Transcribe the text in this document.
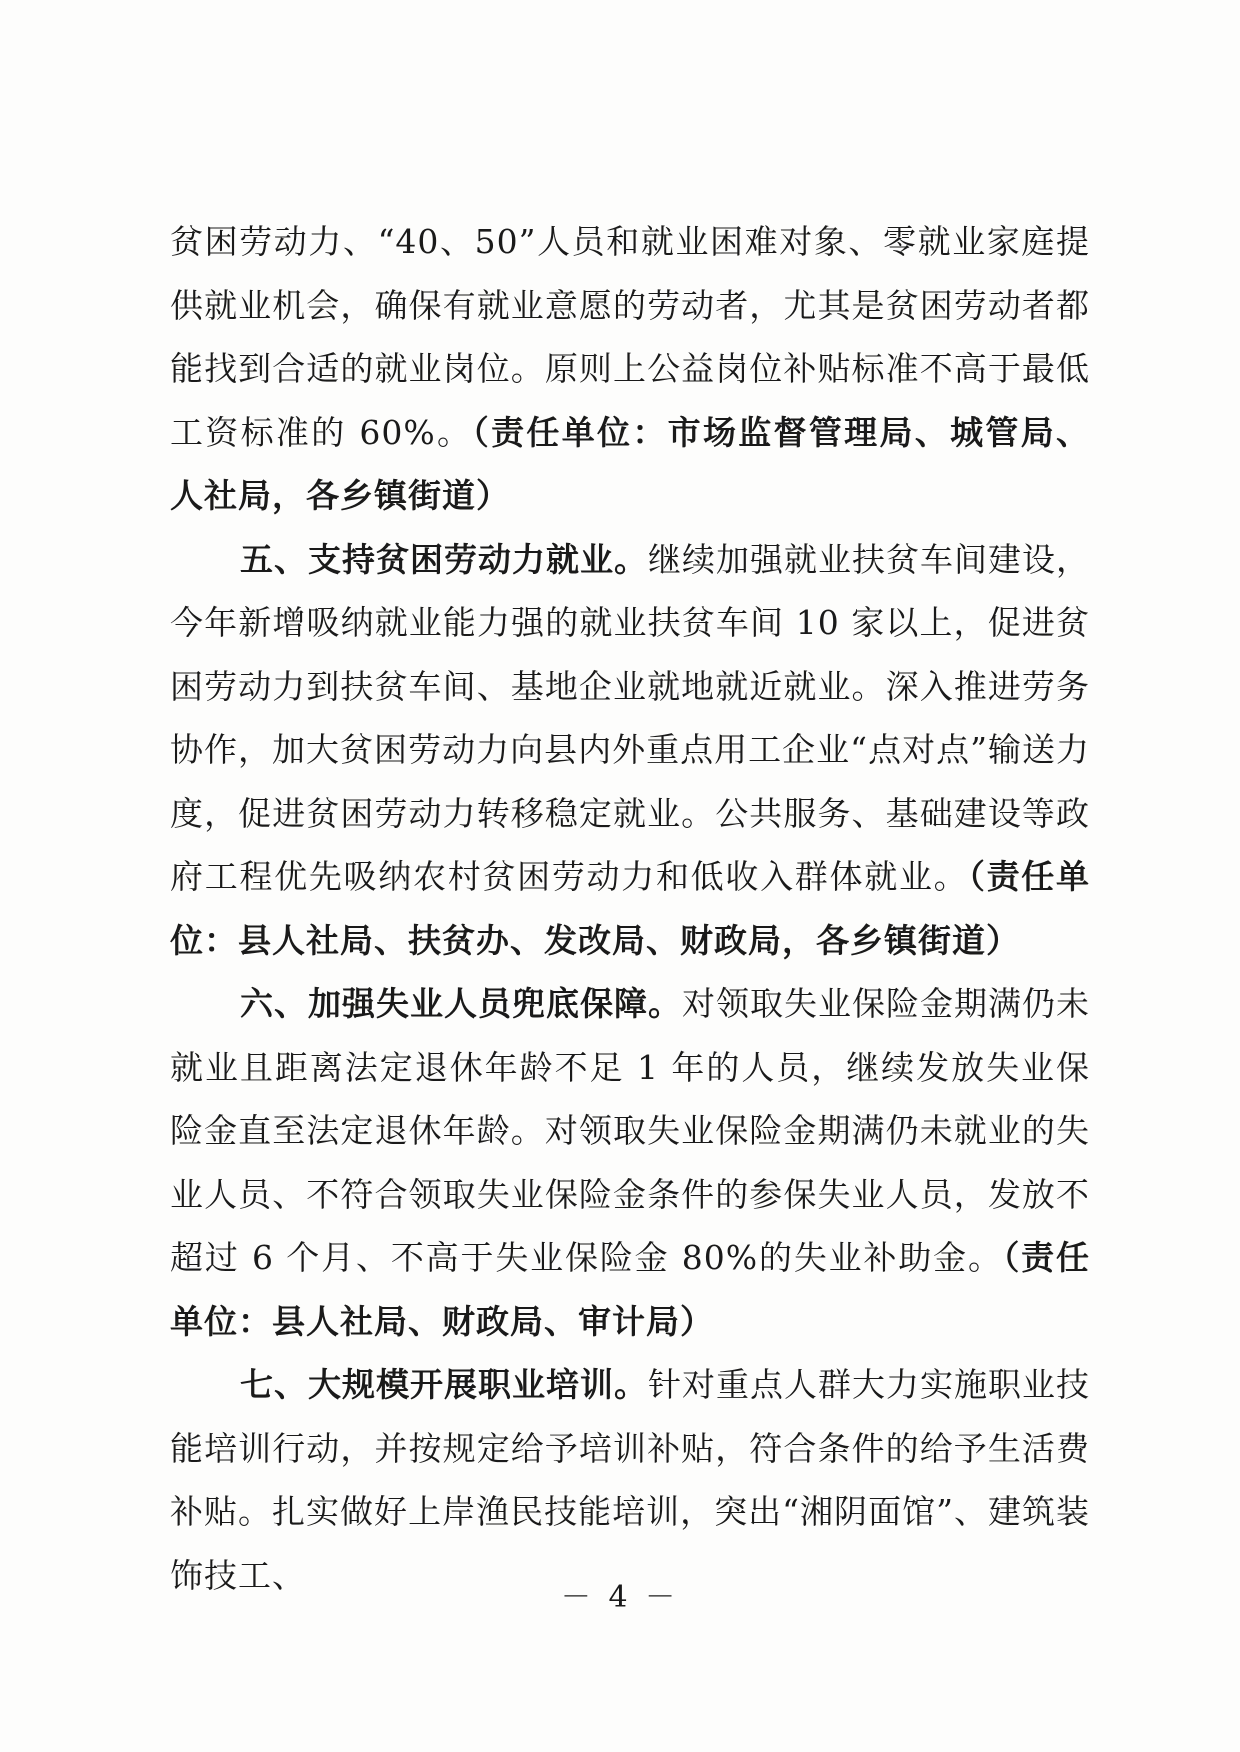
贫困劳动力、“40、50”人员和就业困难对象、零就业家庭提供就业机会，确保有就业意愿的劳动者，尤其是贫困劳动者都能找到合适的就业岗位。原则上公益岗位补贴标准不高于最低工资标准的 60%。（责任单位：市场监督管理局、城管局、人社局，各乡镇街道）

五、支持贫困劳动力就业。继续加强就业扶贫车间建设，今年新增吸纳就业能力强的就业扶贫车间 10 家以上，促进贫困劳动力到扶贫车间、基地企业就地就近就业。深入推进劳务协作，加大贫困劳动力向县内外重点用工企业“点对点”输送力度，促进贫困劳动力转移稳定就业。公共服务、基础建设等政府工程优先吸纳农村贫困劳动力和低收入群体就业。（责任单位：县人社局、扶贫办、发改局、财政局，各乡镇街道）

六、加强失业人员兜底保障。对领取失业保险金期满仍未就业且距离法定退休年龄不足 1 年的人员，继续发放失业保险金直至法定退休年龄。对领取失业保险金期满仍未就业的失业人员、不符合领取失业保险金条件的参保失业人员，发放不超过 6 个月、不高于失业保险金 80%的失业补助金。（责任单位：县人社局、财政局、审计局）

七、大规模开展职业培训。针对重点人群大力实施职业技能培训行动，并按规定给予培训补贴，符合条件的给予生活费补贴。扎实做好上岸渔民技能培训，突出“湘阴面馆”、建筑装饰技工、

－ 4 －
